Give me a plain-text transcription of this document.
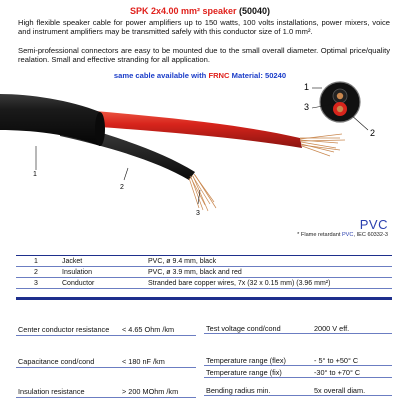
SPK 2x4.00 mm² speaker (50040)
High flexible speaker cable for power amplifiers up to 150 watts, 100 volts installations, power mixers, voice and instrument amplifiers may be transmitted safely with this conductor size of 1.0 mm².
Semi-professional connectors are easy to be mounted due to the small overall diameter. Optimal price/quality realation. Small and effective stranding for all application.
same cable available with FRNC Material: 50240
1
2
3
1
3
2
PVC
* Flame retardant PVC, IEC 60332-3
1	Jacket	PVC, ø 9.4 mm, black
2	Insulation	PVC, ø 3.9 mm, black and red
3	Conductor	Stranded bare copper wires, 7x (32 x 0.15 mm) (3.96 mm²)
Center conductor resistance < 4.65 Ohm /km
Capacitance cond/cond	< 180 nF /km
Insulation resistance	> 200 MOhm /km
Test voltage cond/cond	2000 V eff.
Temperature range (flex)	- 5° to +50° C
Temperature range (fix)	-30° to +70° C
Bending radius min.	5x overall diam.
